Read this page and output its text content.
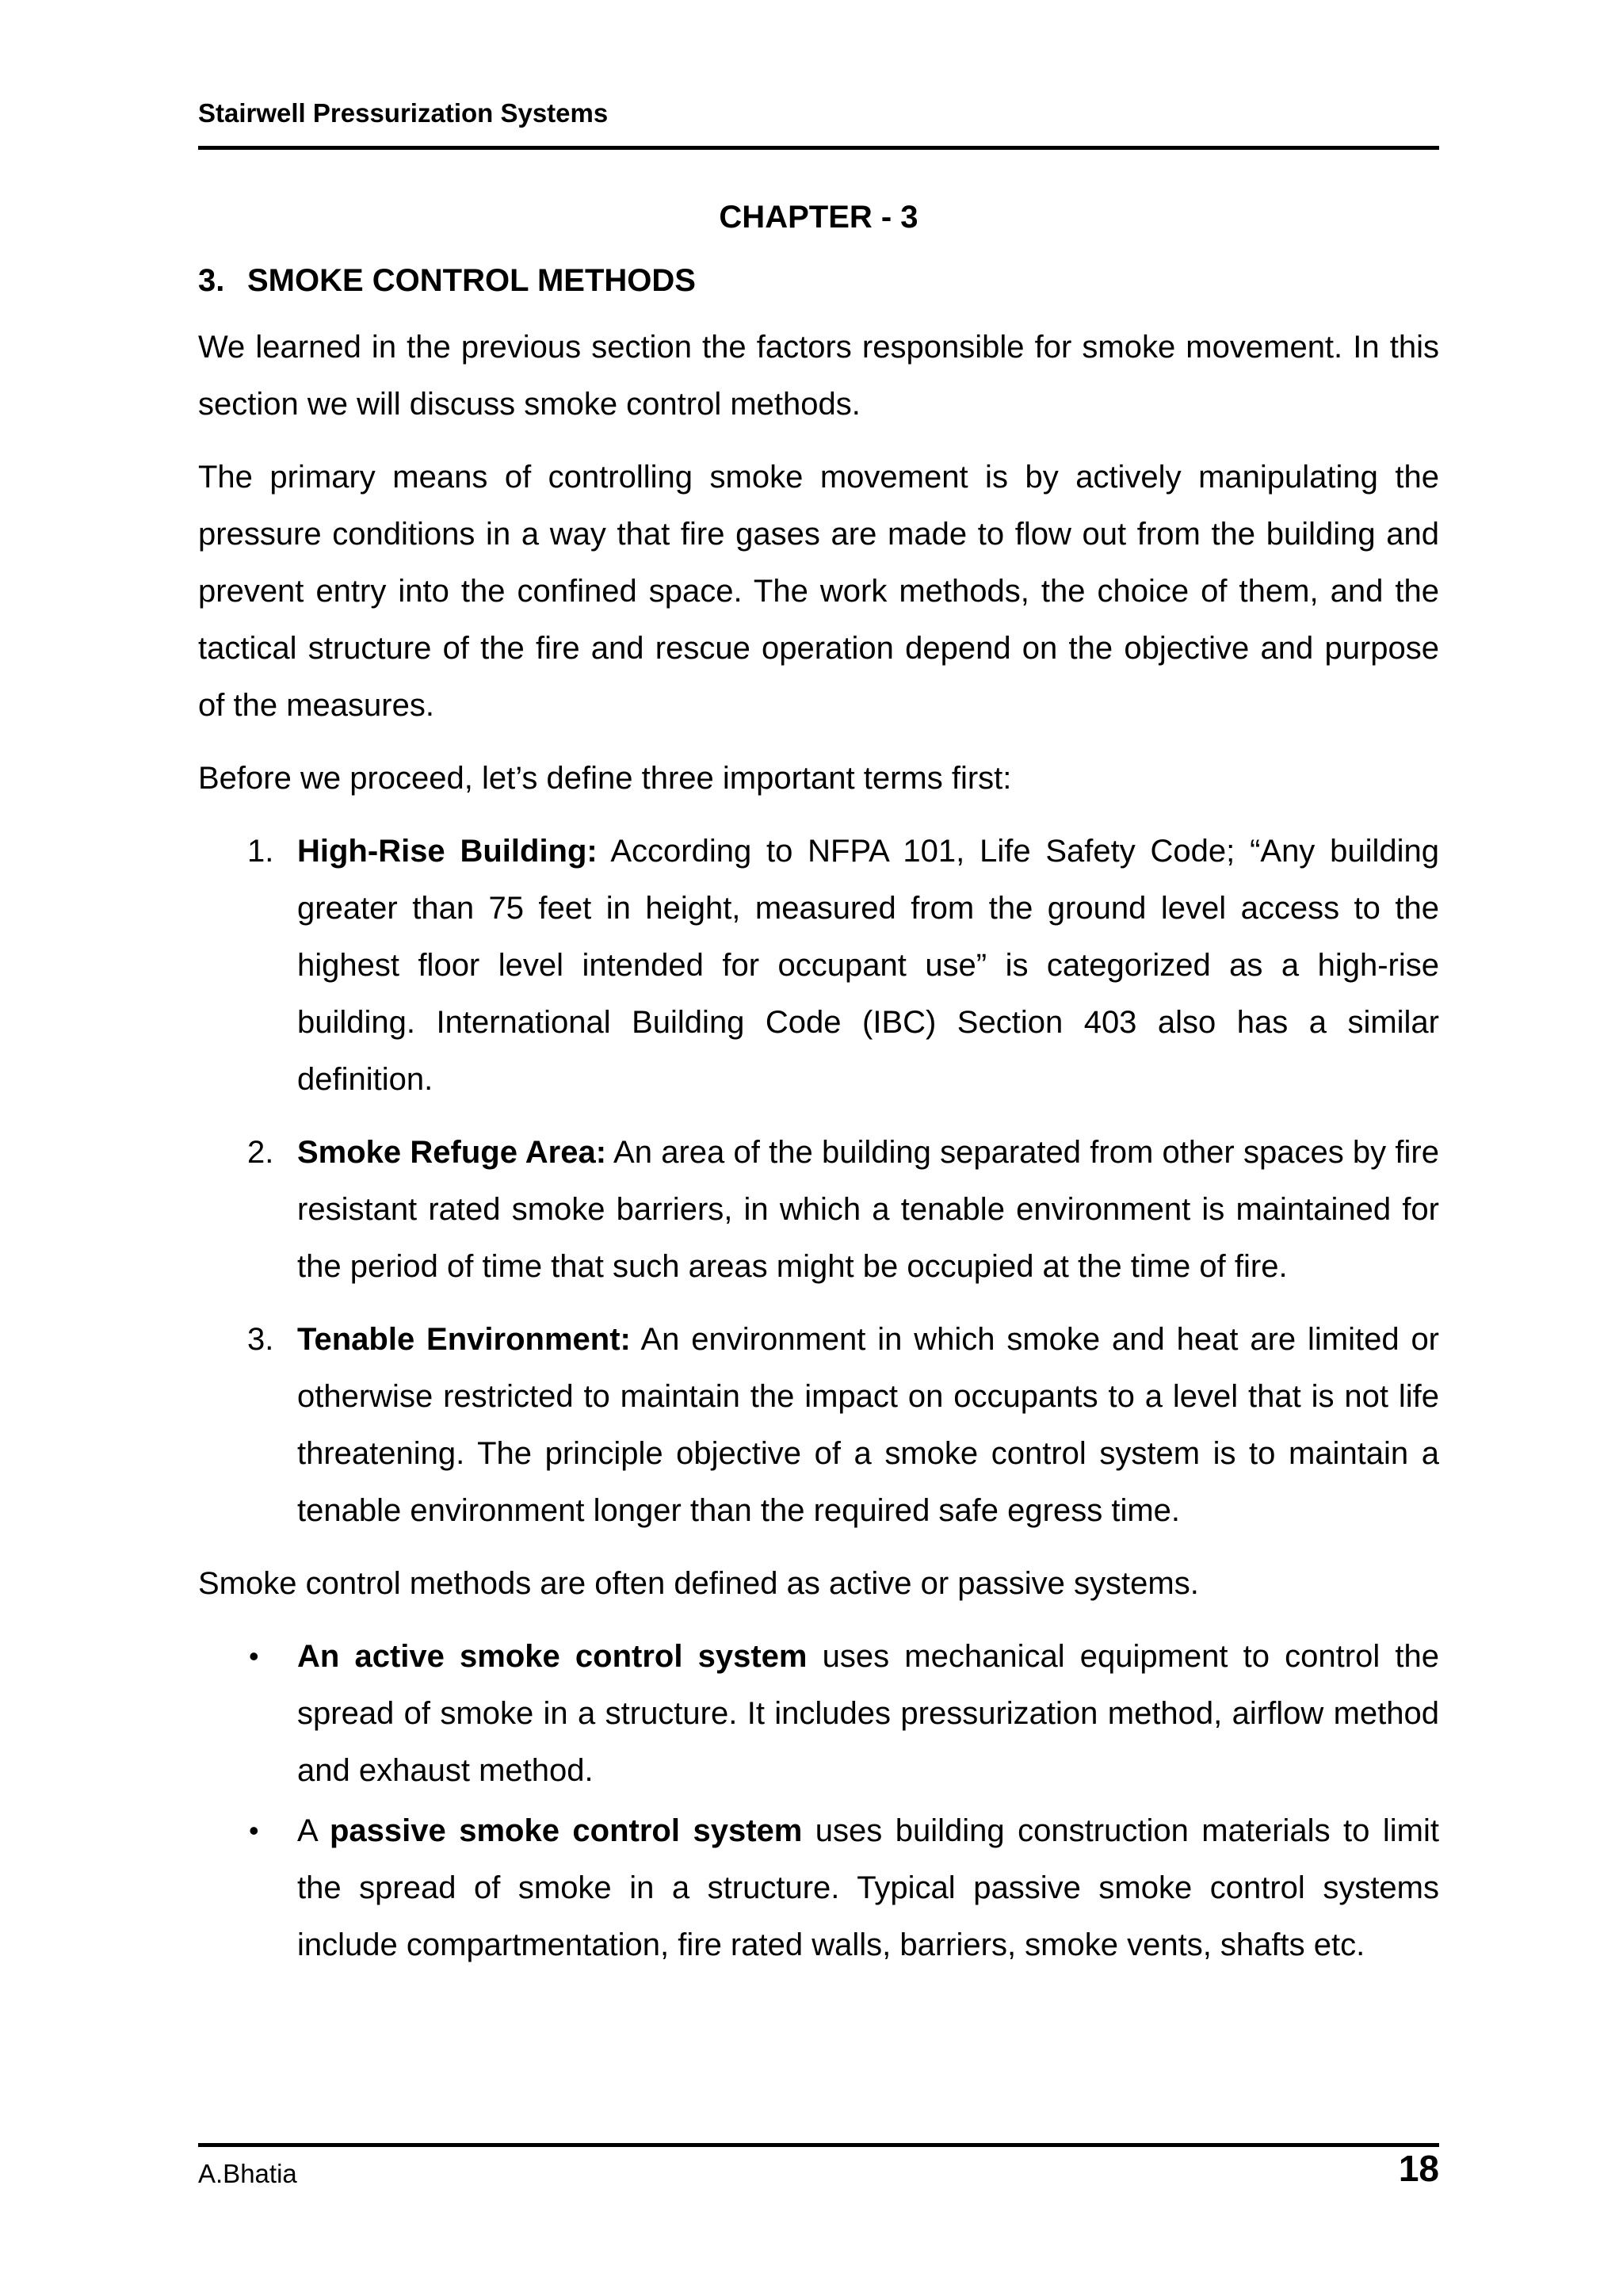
Stairwell Pressurization Systems
CHAPTER - 3
3. SMOKE CONTROL METHODS

We learned in the previous section the factors responsible for smoke movement. In this section we will discuss smoke control methods.

The primary means of controlling smoke movement is by actively manipulating the pressure conditions in a way that fire gases are made to flow out from the building and prevent entry into the confined space. The work methods, the choice of them, and the tactical structure of the fire and rescue operation depend on the objective and purpose of the measures.

Before we proceed, let’s define three important terms first:

1. High-Rise Building: According to NFPA 101, Life Safety Code; “Any building greater than 75 feet in height, measured from the ground level access to the highest floor level intended for occupant use” is categorized as a high-rise building. International Building Code (IBC) Section 403 also has a similar definition.
2. Smoke Refuge Area: An area of the building separated from other spaces by fire resistant rated smoke barriers, in which a tenable environment is maintained for the period of time that such areas might be occupied at the time of fire.
3. Tenable Environment: An environment in which smoke and heat are limited or otherwise restricted to maintain the impact on occupants to a level that is not life threatening. The principle objective of a smoke control system is to maintain a tenable environment longer than the required safe egress time.

Smoke control methods are often defined as active or passive systems.

• An active smoke control system uses mechanical equipment to control the spread of smoke in a structure. It includes pressurization method, airflow method and exhaust method.
• A passive smoke control system uses building construction materials to limit the spread of smoke in a structure. Typical passive smoke control systems include compartmentation, fire rated walls, barriers, smoke vents, shafts etc.
A.Bhatia	18
